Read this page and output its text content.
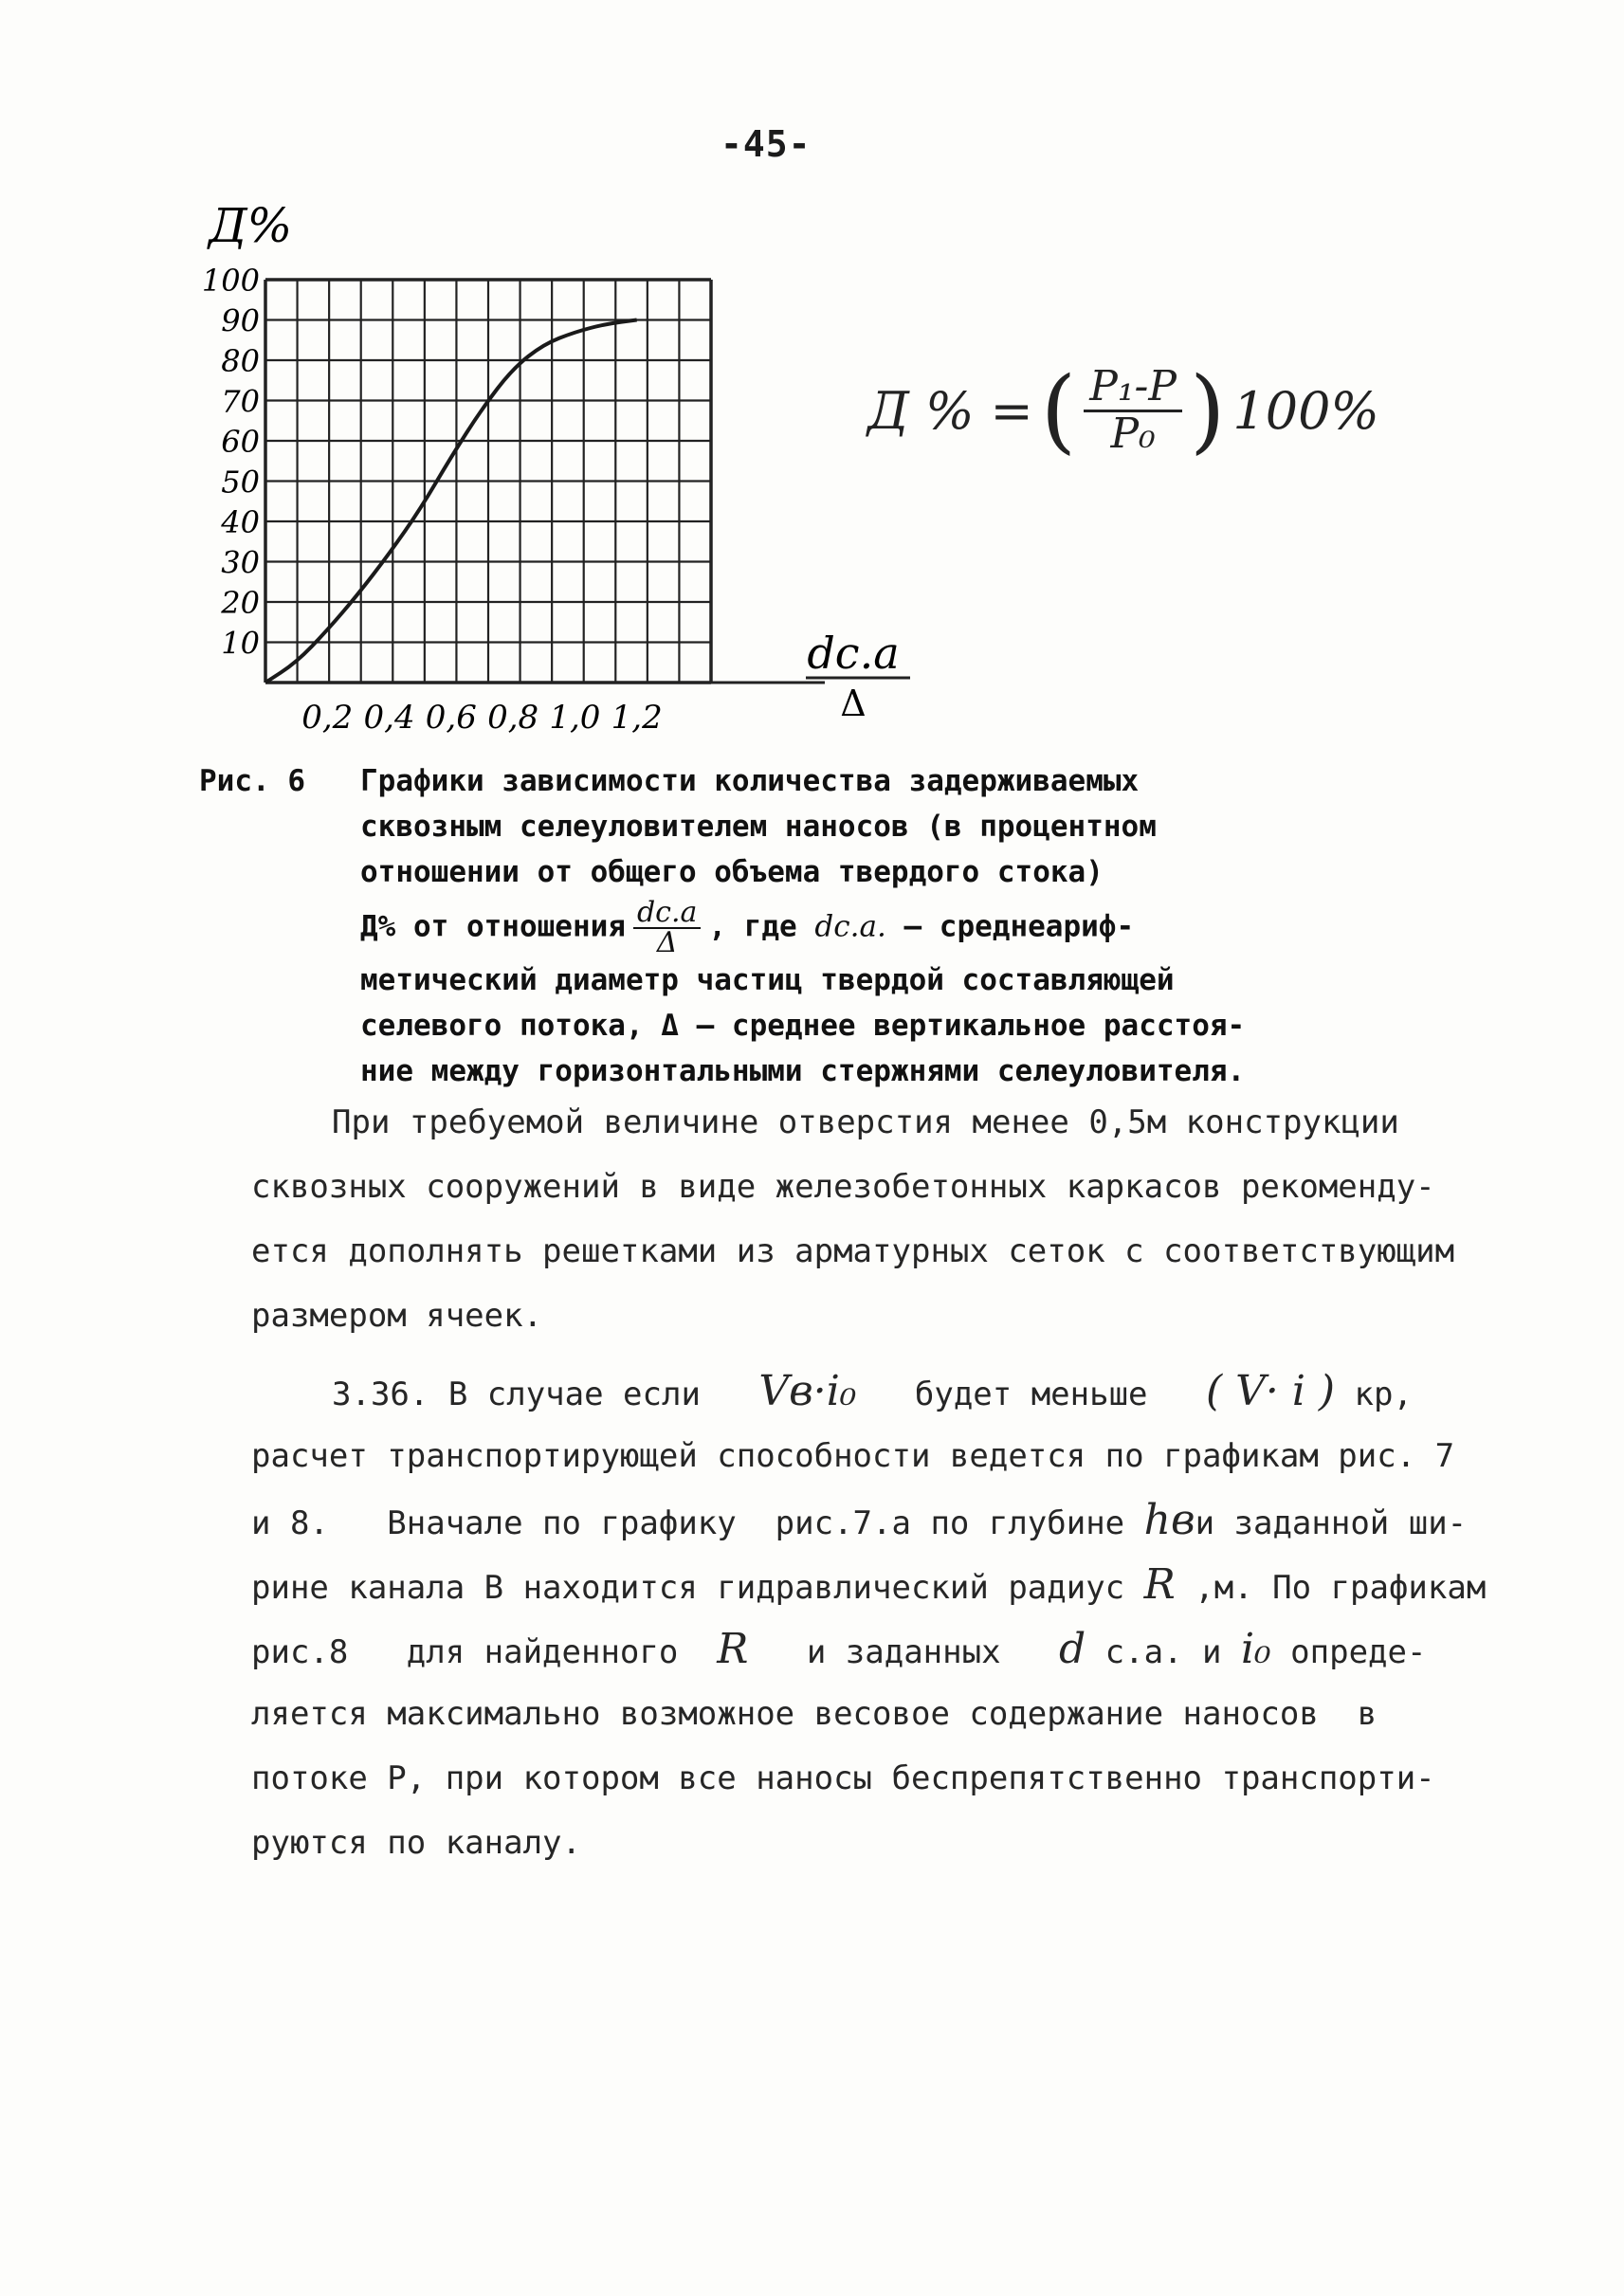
-45-
Д%
10
20
30
40
50
60
70
80
90
100
0,2 0,4 0,6 0,8 1,0 1,2
dc.a
Δ
Д % = ( $\frac{\text{P₁-P}}{\text{P₀}}$ ) 100%
Рис. 6 Графики зависимости количества задерживаемых
сквозным селеуловителем наносов (в процентном
отношении от общего объема твердого стока)
Д% от отношения $\frac{dc.a}{\Delta}$ , где dc.a. – среднеариф-
метический диаметр частиц твердой составляющей
селевого потока, Δ – среднее вертикальное расстоя-
ние между горизонтальными стержнями селеуловителя.
При требуемой величине отверстия менее 0,5м конструкции
сквозных сооружений в виде железобетонных каркасов рекоменду-
ется дополнять решетками из арматурных сеток с соответствующим
размером ячеек.
3.36. В случае если Vв·i₀ будет меньше ( V· i ) кр,
расчет транспортирующей способности ведется по графикам рис. 7
и 8.   Вначале по графику  рис.7.а по глубине hви заданной ши-
рине канала В находится гидравлический радиус R ,м. По графикам
рис.8   для найденного R и заданных d с.а. и i₀ опреде-
ляется максимально возможное весовое содержание наносов  в
потоке Р, при котором все наносы беспрепятственно транспорти-
руются по каналу.
